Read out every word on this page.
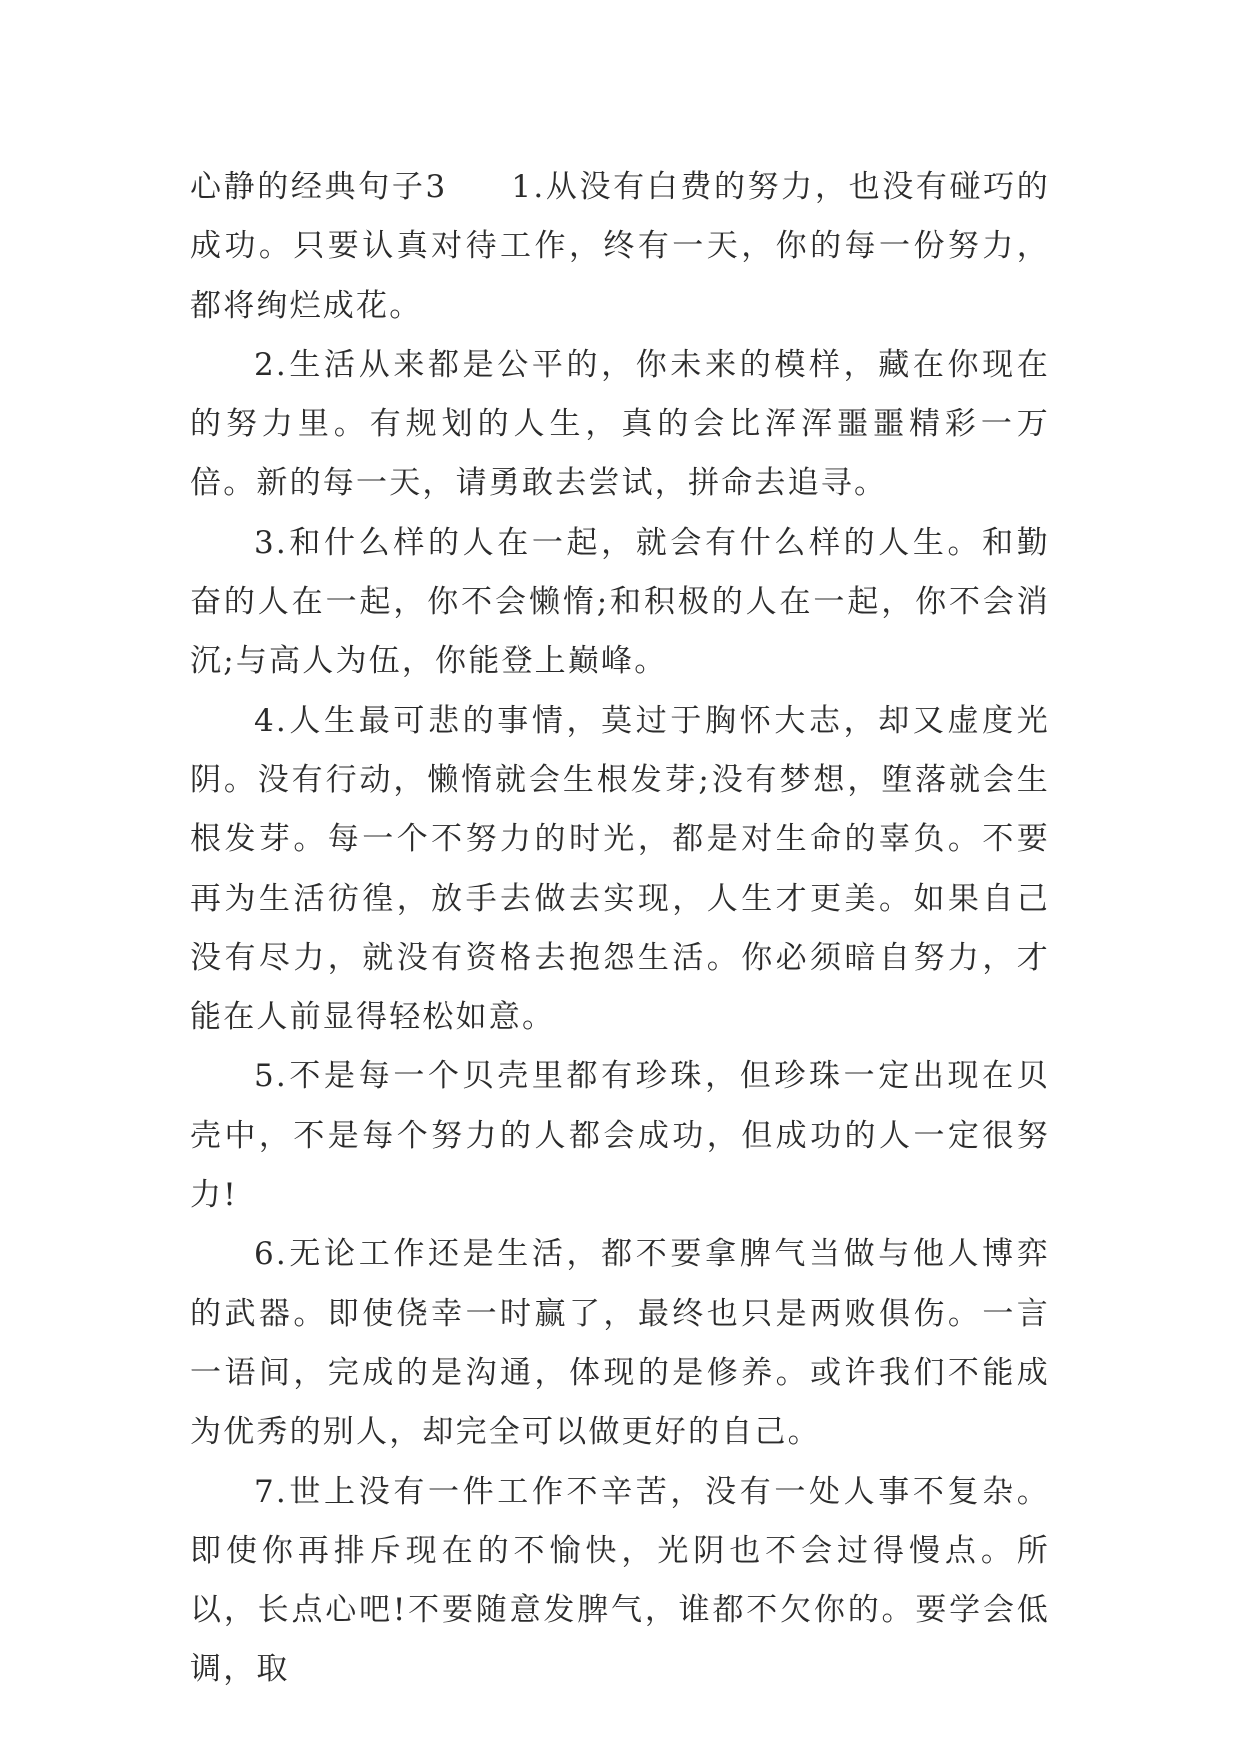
心静的经典句子3 1.从没有白费的努力，也没有碰巧的成功。只要认真对待工作，终有一天，你的每一份努力，都将绚烂成花。

2.生活从来都是公平的，你未来的模样，藏在你现在的努力里。有规划的人生，真的会比浑浑噩噩精彩一万倍。新的每一天，请勇敢去尝试，拼命去追寻。

3.和什么样的人在一起，就会有什么样的人生。和勤奋的人在一起，你不会懒惰;和积极的人在一起，你不会消沉;与高人为伍，你能登上巅峰。

4.人生最可悲的事情，莫过于胸怀大志，却又虚度光阴。没有行动，懒惰就会生根发芽;没有梦想，堕落就会生根发芽。每一个不努力的时光，都是对生命的辜负。不要再为生活彷徨，放手去做去实现，人生才更美。如果自己没有尽力，就没有资格去抱怨生活。你必须暗自努力，才能在人前显得轻松如意。

5.不是每一个贝壳里都有珍珠，但珍珠一定出现在贝壳中，不是每个努力的人都会成功，但成功的人一定很努力!

6.无论工作还是生活，都不要拿脾气当做与他人博弈的武器。即使侥幸一时赢了，最终也只是两败俱伤。一言一语间，完成的是沟通，体现的是修养。或许我们不能成为优秀的别人，却完全可以做更好的自己。

7.世上没有一件工作不辛苦，没有一处人事不复杂。即使你再排斥现在的不愉快，光阴也不会过得慢点。所以，长点心吧!不要随意发脾气，谁都不欠你的。要学会低调，取
